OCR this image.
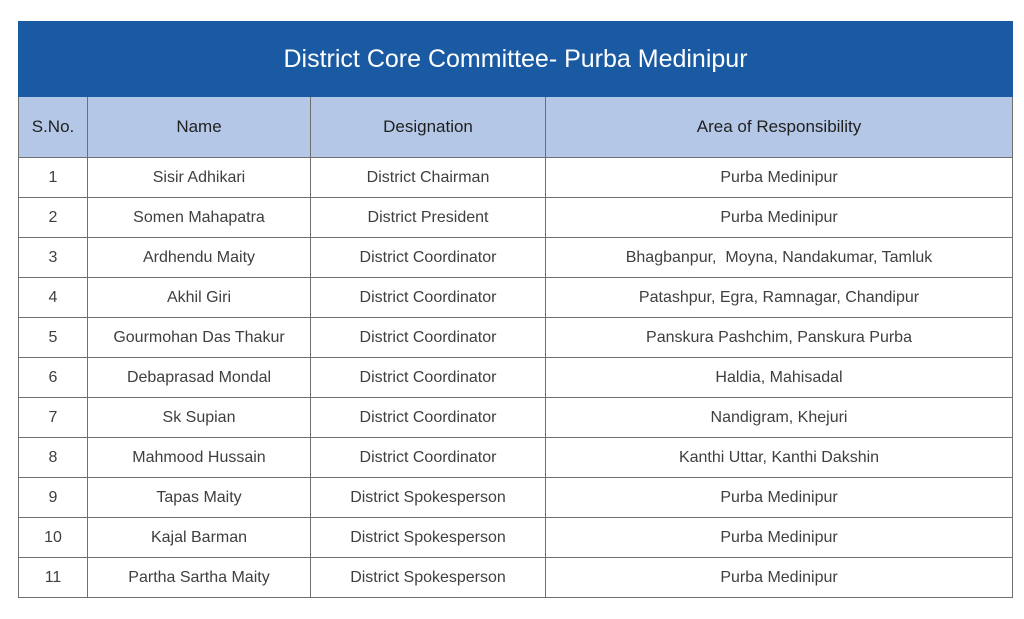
District Core Committee- Purba Medinipur			
S.No.	Name	Designation	Area of Responsibility
1	Sisir Adhikari	District Chairman	Purba Medinipur
2	Somen Mahapatra	District President	Purba Medinipur
3	Ardhendu Maity	District Coordinator	Bhagbanpur,  Moyna, Nandakumar, Tamluk
4	Akhil Giri	District Coordinator	Patashpur, Egra, Ramnagar, Chandipur
5	Gourmohan Das Thakur	District Coordinator	Panskura Pashchim, Panskura Purba
6	Debaprasad Mondal	District Coordinator	Haldia, Mahisadal
7	Sk Supian	District Coordinator	Nandigram, Khejuri
8	Mahmood Hussain	District Coordinator	Kanthi Uttar, Kanthi Dakshin
9	Tapas Maity	District Spokesperson	Purba Medinipur
10	Kajal Barman	District Spokesperson	Purba Medinipur
11	Partha Sartha Maity	District Spokesperson	Purba Medinipur
